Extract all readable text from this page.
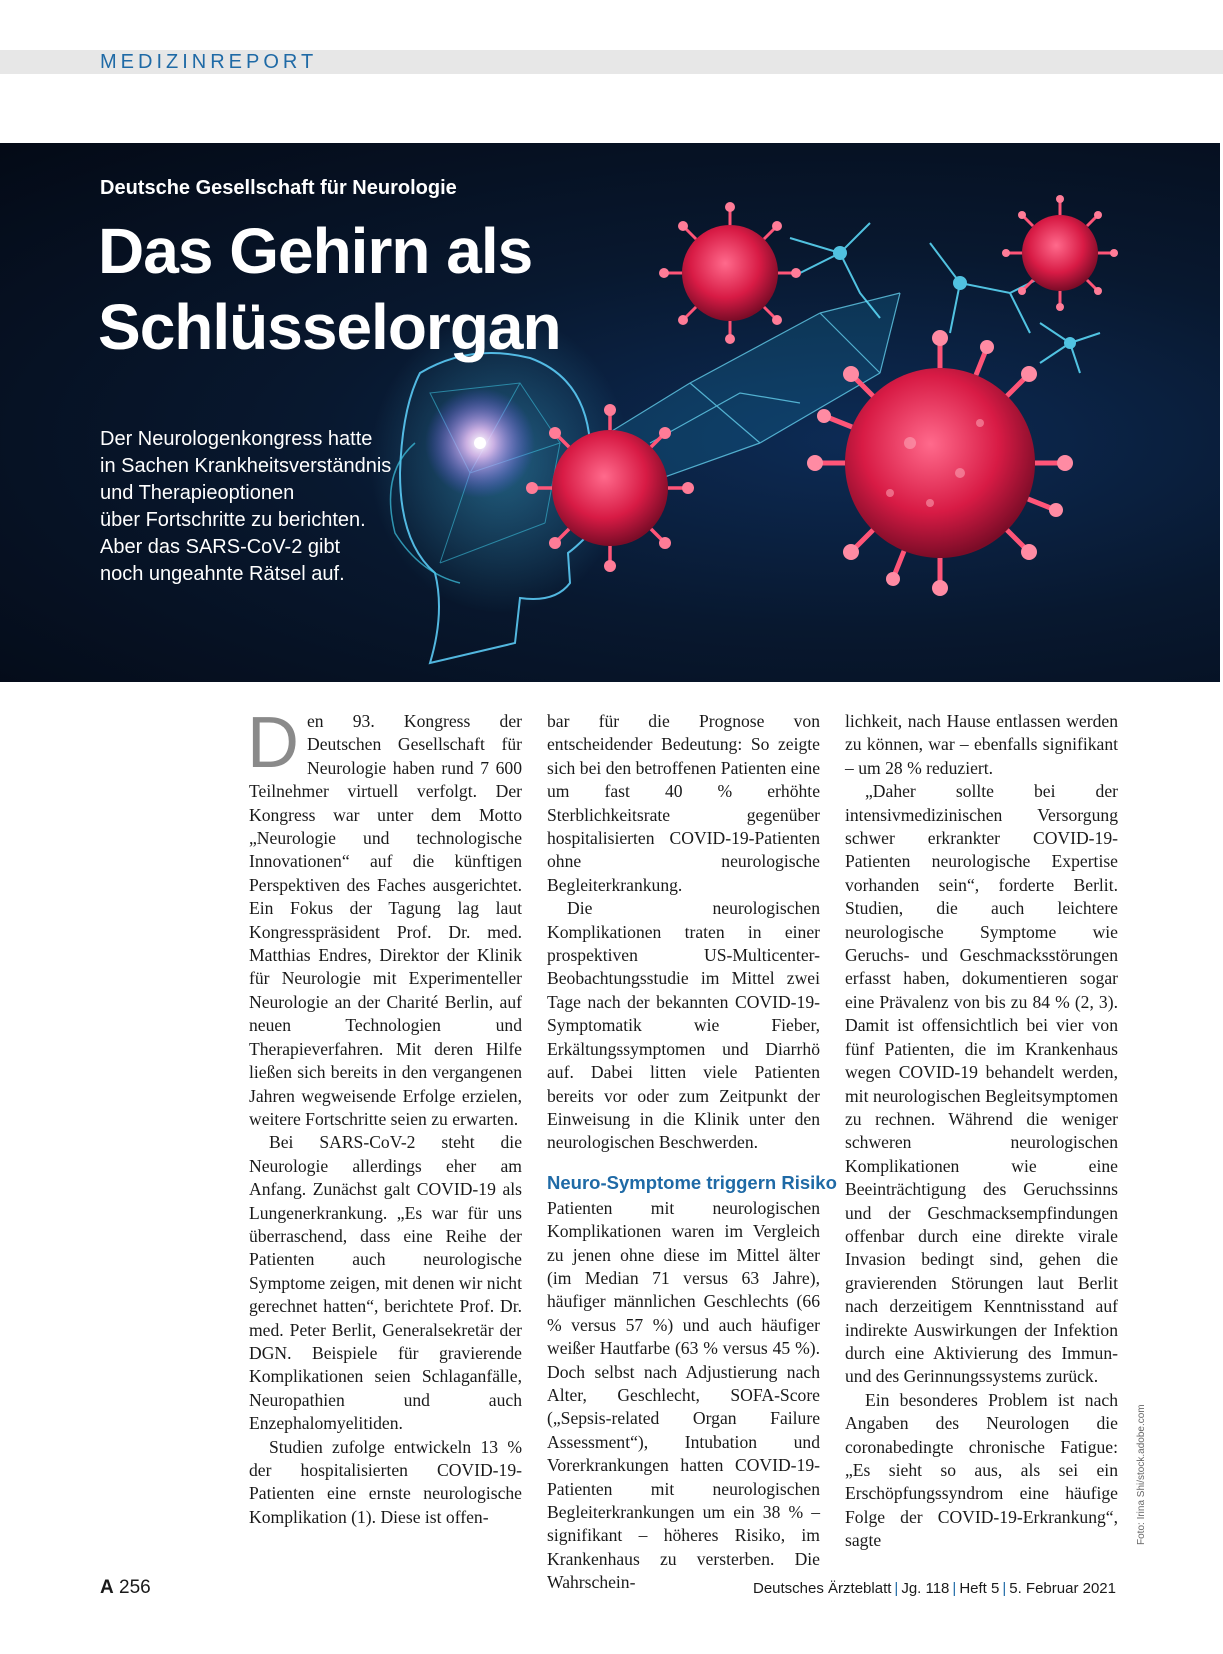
MEDIZINREPORT
Deutsche Gesellschaft für Neurologie
Das Gehirn als
Schlüsselorgan
Der Neurologenkongress hatte
in Sachen Krankheitsverständnis
und Therapieoptionen
über Fortschritte zu berichten.
Aber das SARS-CoV-2 gibt
noch ungeahnte Rätsel auf.

Den 93. Kongress der Deutschen Gesellschaft für Neurologie haben rund 7 600 Teilnehmer virtuell verfolgt. Der Kongress war unter dem Motto „Neurologie und technologische Innovationen“ auf die künftigen Perspektiven des Faches ausgerichtet. Ein Fokus der Tagung lag laut Kongresspräsident Prof. Dr. med. Matthias Endres, Direktor der Klinik für Neurologie mit Experimenteller Neurologie an der Charité Berlin, auf neuen Technologien und Therapieverfahren. Mit deren Hilfe ließen sich bereits in den vergangenen Jahren wegweisende Erfolge erzielen, weitere Fortschritte seien zu erwarten.

Bei SARS-CoV-2 steht die Neurologie allerdings eher am Anfang. Zunächst galt COVID-19 als Lungenerkrankung. „Es war für uns überraschend, dass eine Reihe der Patienten auch neurologische Symptome zeigen, mit denen wir nicht gerechnet hatten“, berichtete Prof. Dr. med. Peter Berlit, Generalsekretär der DGN. Beispiele für gravierende Komplikationen seien Schlaganfälle, Neuropathien und auch Enzephalomyelitiden.

Studien zufolge entwickeln 13 % der hospitalisierten COVID-19-Patienten eine ernste neurologische Komplikation (1). Diese ist offen-

bar für die Prognose von entscheidender Bedeutung: So zeigte sich bei den betroffenen Patienten eine um fast 40 % erhöhte Sterblichkeitsrate gegenüber hospitalisierten COVID-19-Patienten ohne neurologische Begleiterkrankung.

Die neurologischen Komplikationen traten in einer prospektiven US-Multicenter-Beobachtungsstudie im Mittel zwei Tage nach der bekannten COVID-19-Symptomatik wie Fieber, Erkältungssymptomen und Diarrhö auf. Dabei litten viele Patienten bereits vor oder zum Zeitpunkt der Einweisung in die Klinik unter den neurologischen Beschwerden.

Neuro-Symptome triggern Risiko

Patienten mit neurologischen Komplikationen waren im Vergleich zu jenen ohne diese im Mittel älter (im Median 71 versus 63 Jahre), häufiger männlichen Geschlechts (66 % versus 57 %) und auch häufiger weißer Hautfarbe (63 % versus 45 %). Doch selbst nach Adjustierung nach Alter, Geschlecht, SOFA-Score („Sepsis-related Organ Failure Assessment“), Intubation und Vorerkrankungen hatten COVID-19-Patienten mit neurologischen Begleiterkrankungen um ein 38 % – signifikant – höheres Risiko, im Krankenhaus zu versterben. Die Wahrschein-

lichkeit, nach Hause entlassen werden zu können, war – ebenfalls signifikant – um 28 % reduziert.

„Daher sollte bei der intensivmedizinischen Versorgung schwer erkrankter COVID-19-Patienten neurologische Expertise vorhanden sein“, forderte Berlit. Studien, die auch leichtere neurologische Symptome wie Geruchs- und Geschmacksstörungen erfasst haben, dokumentieren sogar eine Prävalenz von bis zu 84 % (2, 3). Damit ist offensichtlich bei vier von fünf Patienten, die im Krankenhaus wegen COVID-19 behandelt werden, mit neurologischen Begleitsymptomen zu rechnen. Während die weniger schweren neurologischen Komplikationen wie eine Beeinträchtigung des Geruchssinns und der Geschmacksempfindungen offenbar durch eine direkte virale Invasion bedingt sind, gehen die gravierenden Störungen laut Berlit nach derzeitigem Kenntnisstand auf indirekte Auswirkungen der Infektion durch eine Aktivierung des Immun- und des Gerinnungssystems zurück.

Ein besonderes Problem ist nach Angaben des Neurologen die coronabedingte chronische Fatigue: „Es sieht so aus, als sei ein Erschöpfungssyndrom eine häufige Folge der COVID-19-Erkrankung“, sagte	Foto: Irina Shi/stock.adobe.com
A 256	Deutsches Ärzteblatt | Jg. 118 | Heft 5 | 5. Februar 2021
